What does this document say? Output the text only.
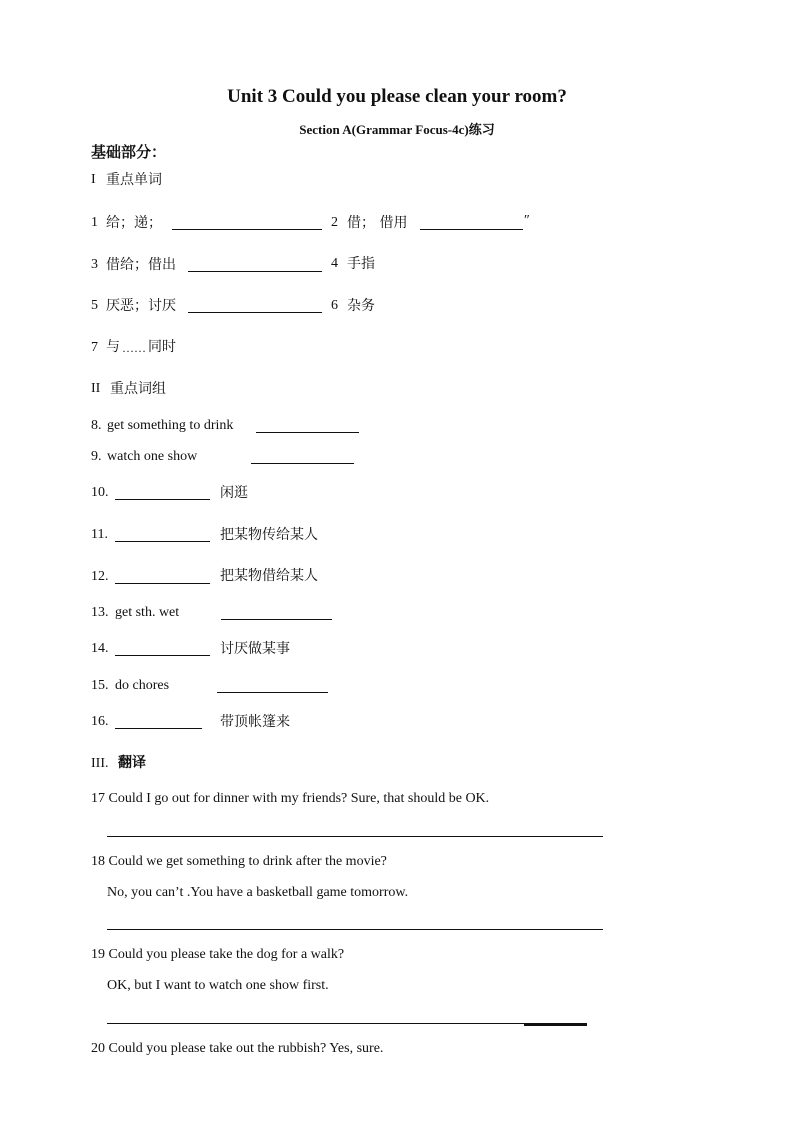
Unit 3 Could you please clean your room?
Section A(Grammar Focus-4c)练习
基础部分：
I 重点单词
1 给；递；	2 借； 借用	″
3 借给；借出	4 手指
5 厌恶；讨厌	6 杂务
7 与 …… 同时
II 重点词组
8. get something to drink
9. watch one show
10.	闲逛
11.	把某物传给某人
12.	把某物借给某人
13. get sth. wet
14.	讨厌做某事
15. do chores
16.	带顶帐篷来
III. 翻译
17 Could I go out for dinner with my friends? Sure, that should be OK.
18 Could we get something to drink after the movie?
No, you can’t .You have a basketball game tomorrow.
19 Could you please take the dog for a walk?
OK, but I want to watch one show first.
20 Could you please take out the rubbish? Yes, sure.
